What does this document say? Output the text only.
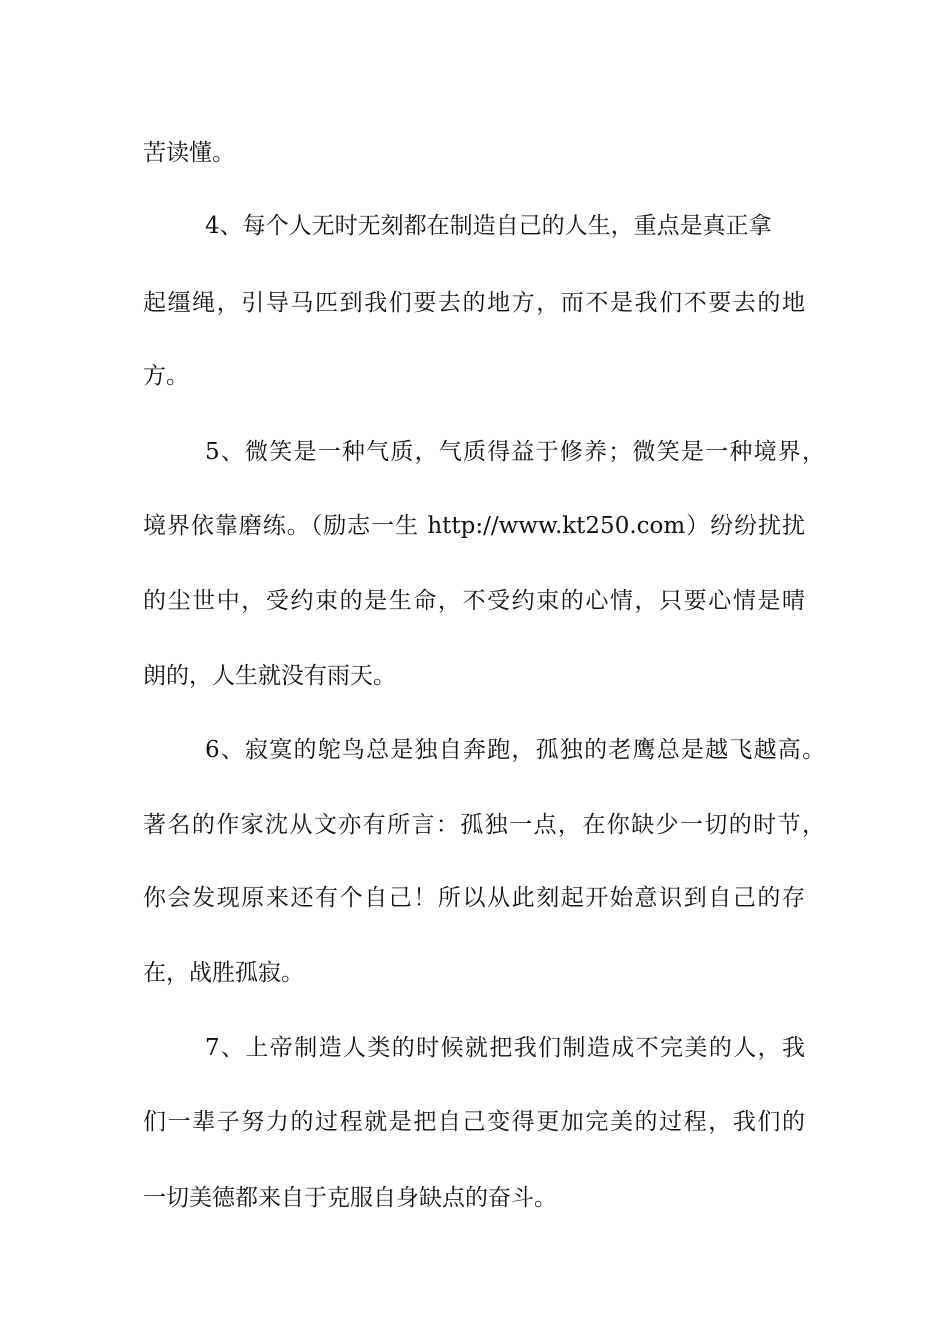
苦读懂。
4、每个人无时无刻都在制造自己的人生，重点是真正拿
起缰绳，引导马匹到我们要去的地方，而不是我们不要去的地
方。
5、微笑是一种气质，气质得益于修养；微笑是一种境界，
境界依靠磨练。（励志一生 http://www.kt250.com）纷纷扰扰
的尘世中，受约束的是生命，不受约束的心情，只要心情是晴
朗的，人生就没有雨天。
6、寂寞的鸵鸟总是独自奔跑，孤独的老鹰总是越飞越高。
著名的作家沈从文亦有所言：孤独一点，在你缺少一切的时节，
你会发现原来还有个自己！所以从此刻起开始意识到自己的存
在，战胜孤寂。
7、上帝制造人类的时候就把我们制造成不完美的人，我
们一辈子努力的过程就是把自己变得更加完美的过程，我们的
一切美德都来自于克服自身缺点的奋斗。
